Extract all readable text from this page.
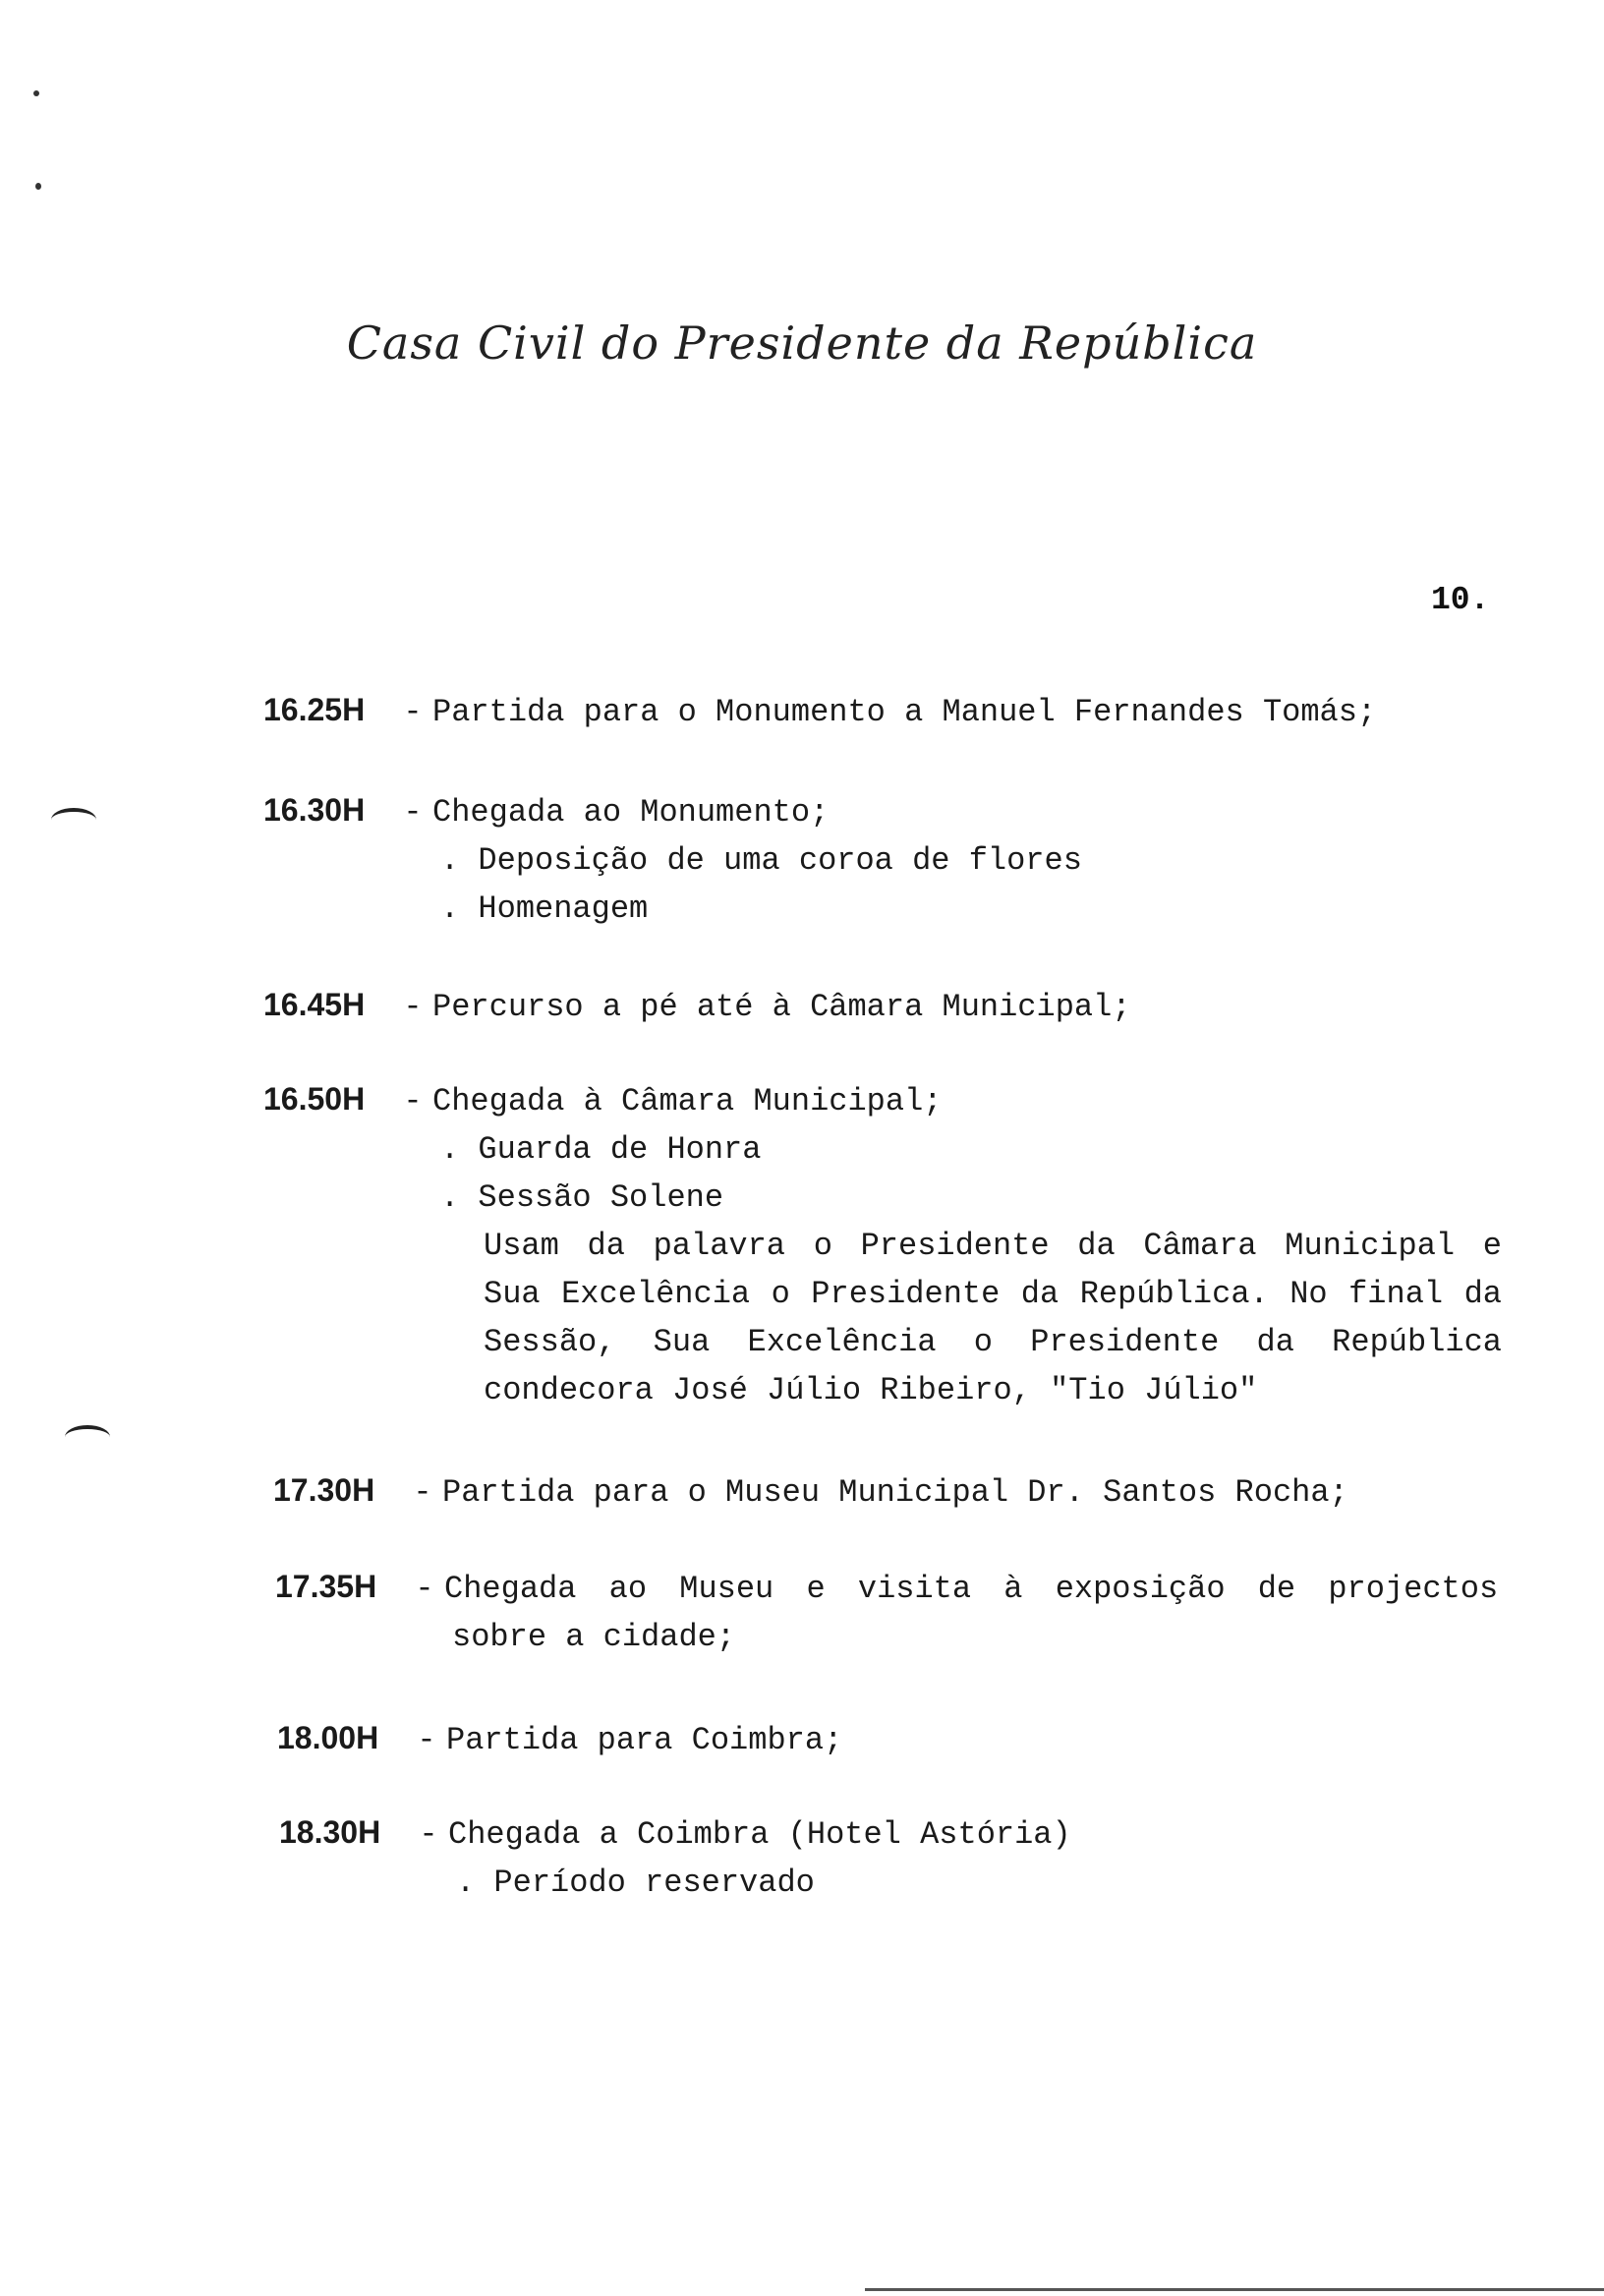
Casa Civil do Presidente da República
10.
16.25H - Partida para o Monumento a Manuel Fernandes Tomás;
16.30H - Chegada ao Monumento;
. Deposição de uma coroa de flores
. Homenagem
16.45H - Percurso a pé até à Câmara Municipal;
16.50H - Chegada à Câmara Municipal;
. Guarda de Honra
. Sessão Solene
Usam da palavra o Presidente da Câmara Municipal e Sua Excelência o Presidente da República. No final da Sessão, Sua Excelência o Presidente da República condecora José Júlio Ribeiro, "Tio Júlio"
17.30H - Partida para o Museu Municipal Dr. Santos Rocha;
17.35H - Chegada ao Museu e visita à exposição de projectos
sobre a cidade;
18.00H - Partida para Coimbra;
18.30H - Chegada a Coimbra (Hotel Astória)
. Período reservado
